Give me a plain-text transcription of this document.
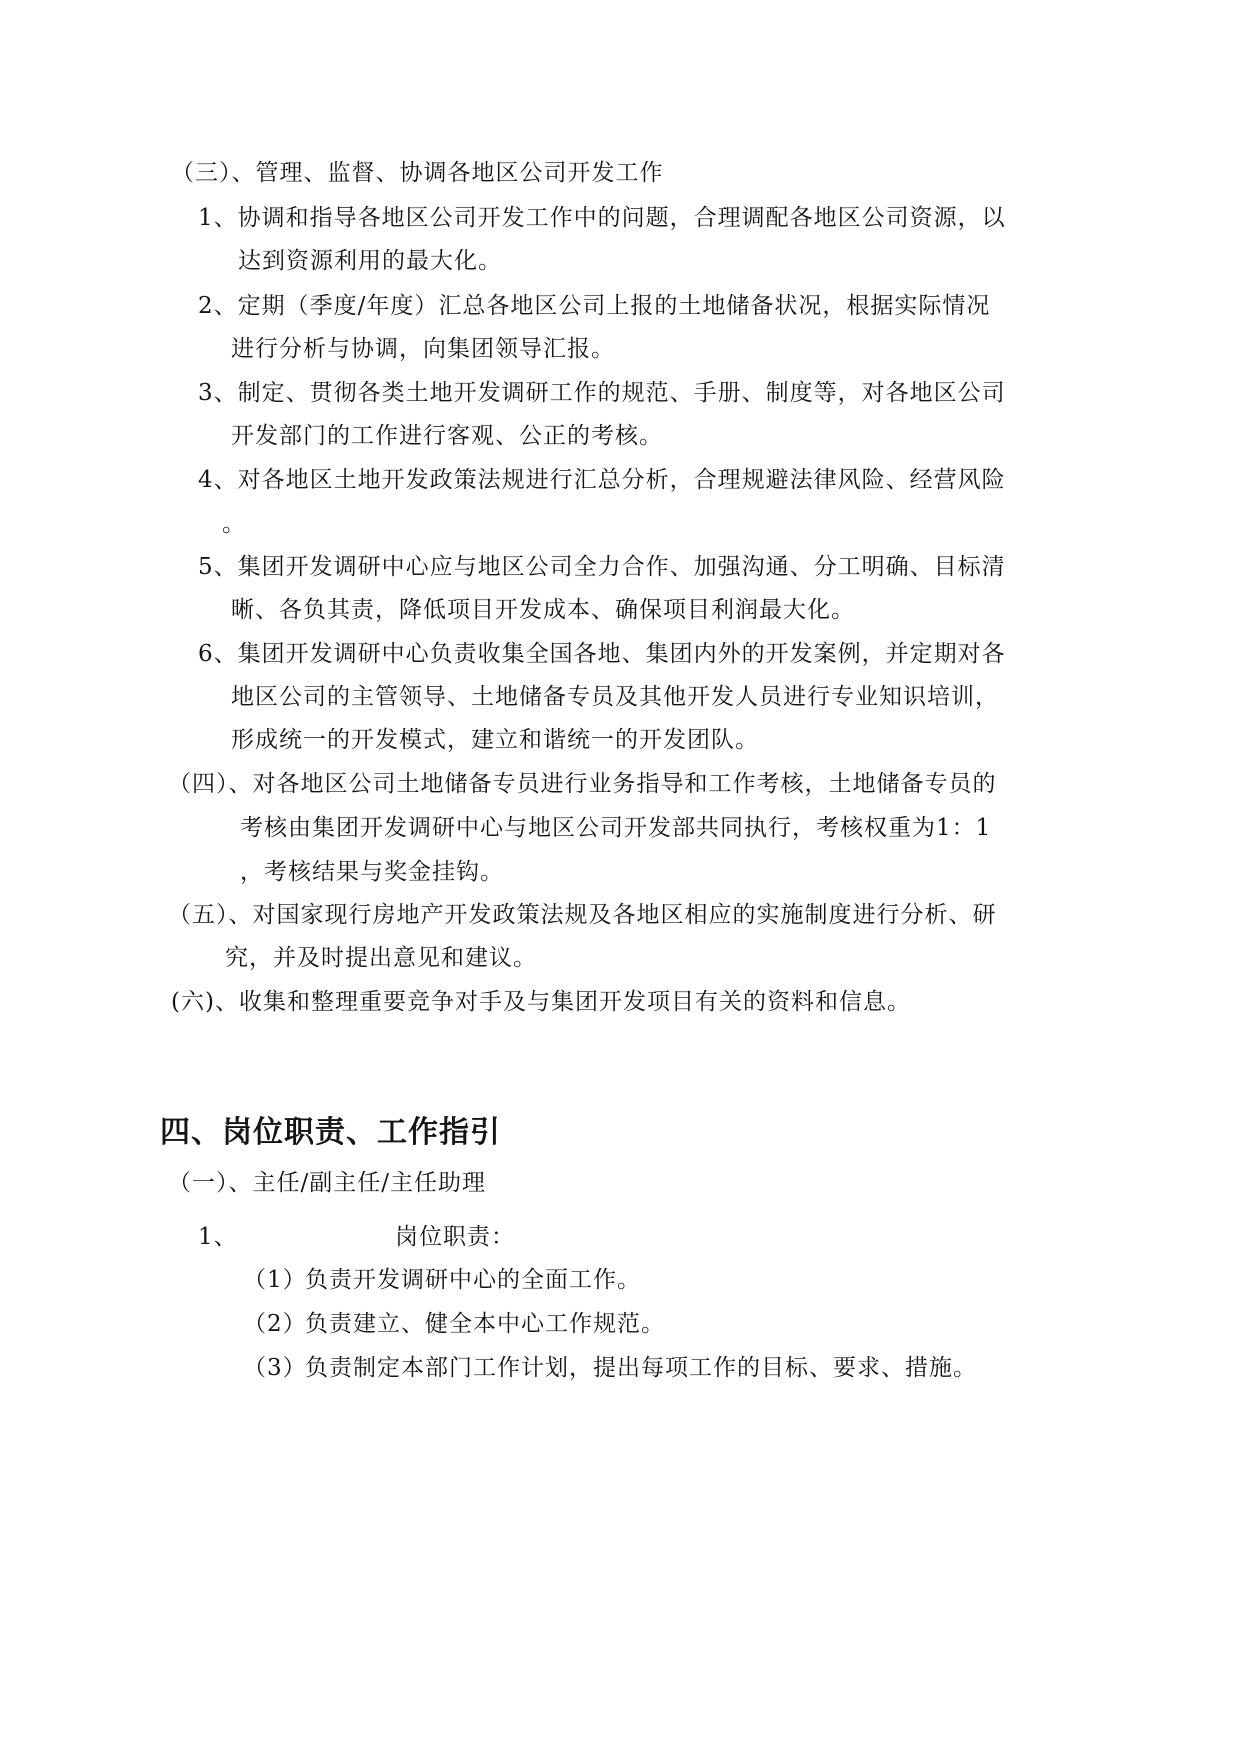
（三）、管理、监督、协调各地区公司开发工作
1、协调和指导各地区公司开发工作中的问题，合理调配各地区公司资源，以
达到资源利用的最大化。
2、定期（季度/年度）汇总各地区公司上报的土地储备状况，根据实际情况
进行分析与协调，向集团领导汇报。
3、制定、贯彻各类土地开发调研工作的规范、手册、制度等，对各地区公司
开发部门的工作进行客观、公正的考核。
4、对各地区土地开发政策法规进行汇总分析，合理规避法律风险、经营风险
。
5、集团开发调研中心应与地区公司全力合作、加强沟通、分工明确、目标清
晰、各负其责，降低项目开发成本、确保项目利润最大化。
6、集团开发调研中心负责收集全国各地、集团内外的开发案例，并定期对各
地区公司的主管领导、土地储备专员及其他开发人员进行专业知识培训，
形成统一的开发模式，建立和谐统一的开发团队。
（四）、对各地区公司土地储备专员进行业务指导和工作考核，土地储备专员的
考核由集团开发调研中心与地区公司开发部共同执行，考核权重为1：1
，考核结果与奖金挂钩。
（五）、对国家现行房地产开发政策法规及各地区相应的实施制度进行分析、研
究，并及时提出意见和建议。
(六)、收集和整理重要竞争对手及与集团开发项目有关的资料和信息。
四、岗位职责、工作指引
（一）、主任/副主任/主任助理
1、	岗位职责：
（1）
负责开发调研中心的全面工作。
（2）
负责建立、健全本中心工作规范。
（3）
负责制定本部门工作计划，提出每项工作的目标、要求、措施。
